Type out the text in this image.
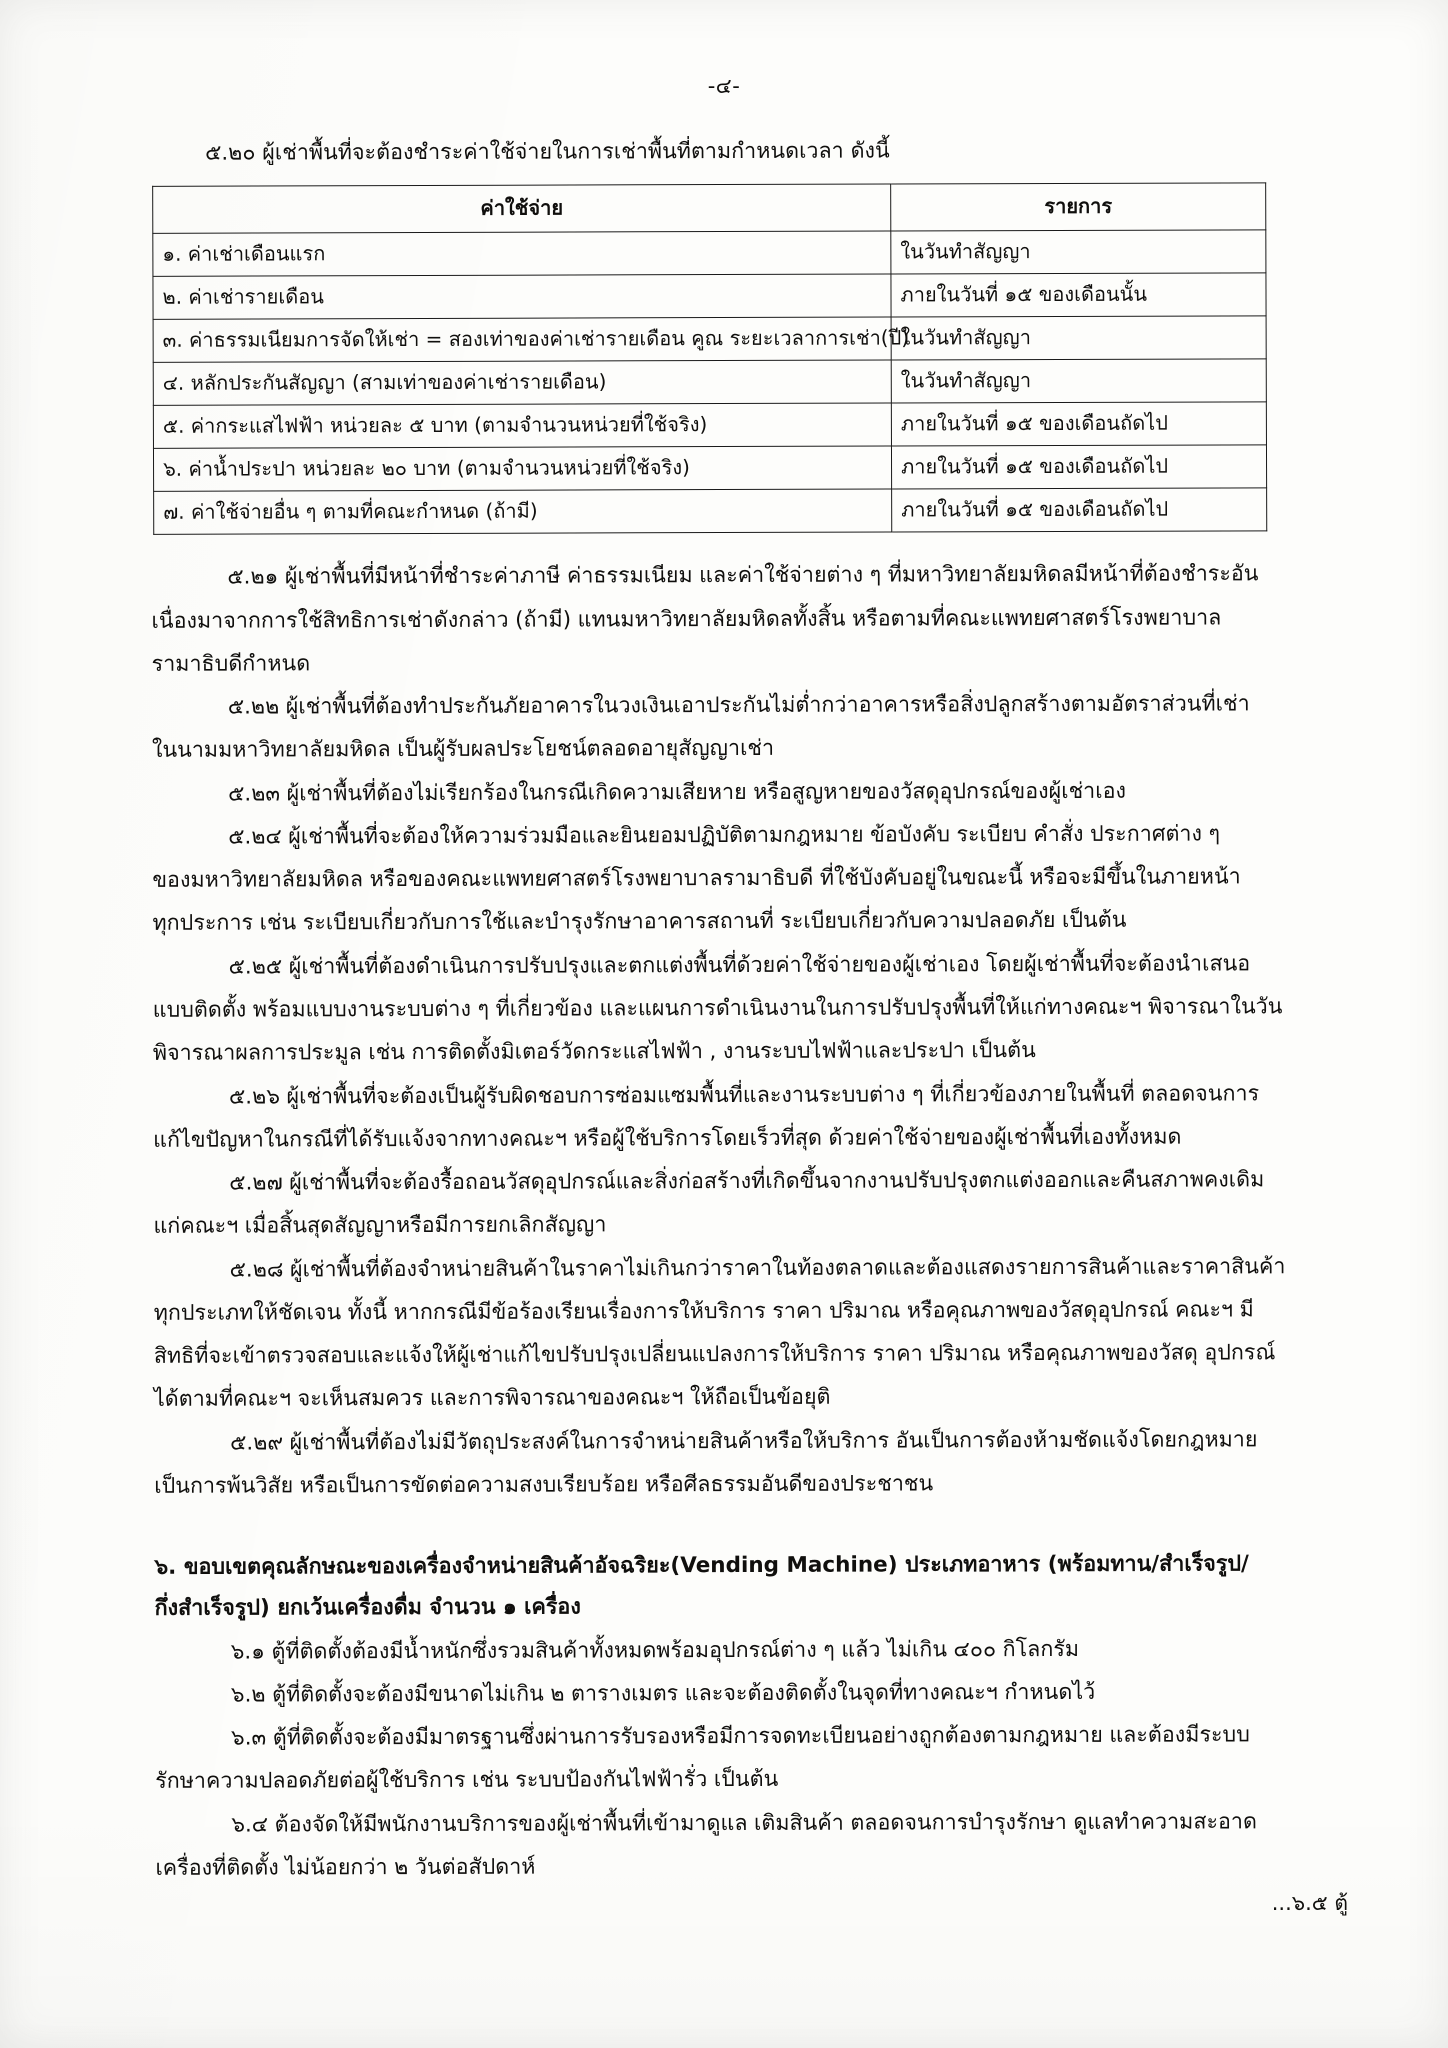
-๔-

๕.๒๐ ผู้เช่าพื้นที่จะต้องชำระค่าใช้จ่ายในการเช่าพื้นที่ตามกำหนดเวลา ดังนี้

ค่าใช้จ่าย	รายการ
๑. ค่าเช่าเดือนแรก	ในวันทำสัญญา
๒. ค่าเช่ารายเดือน	ภายในวันที่ ๑๕ ของเดือนนั้น
๓. ค่าธรรมเนียมการจัดให้เช่า = สองเท่าของค่าเช่ารายเดือน คูณ ระยะเวลาการเช่า(ปี)	ในวันทำสัญญา
๔. หลักประกันสัญญา (สามเท่าของค่าเช่ารายเดือน)	ในวันทำสัญญา
๕. ค่ากระแสไฟฟ้า หน่วยละ ๕ บาท (ตามจำนวนหน่วยที่ใช้จริง)	ภายในวันที่ ๑๕ ของเดือนถัดไป
๖. ค่าน้ำประปา หน่วยละ ๒๐ บาท (ตามจำนวนหน่วยที่ใช้จริง)	ภายในวันที่ ๑๕ ของเดือนถัดไป
๗. ค่าใช้จ่ายอื่น ๆ ตามที่คณะกำหนด (ถ้ามี)	ภายในวันที่ ๑๕ ของเดือนถัดไป

๕.๒๑ ผู้เช่าพื้นที่มีหน้าที่ชำระค่าภาษี ค่าธรรมเนียม และค่าใช้จ่ายต่าง ๆ ที่มหาวิทยาลัยมหิดลมีหน้าที่ต้องชำระอัน

เนื่องมาจากการใช้สิทธิการเช่าดังกล่าว (ถ้ามี) แทนมหาวิทยาลัยมหิดลทั้งสิ้น หรือตามที่คณะแพทยศาสตร์โรงพยาบาล

รามาธิบดีกำหนด

๕.๒๒ ผู้เช่าพื้นที่ต้องทำประกันภัยอาคารในวงเงินเอาประกันไม่ต่ำกว่าอาคารหรือสิ่งปลูกสร้างตามอัตราส่วนที่เช่า

ในนามมหาวิทยาลัยมหิดล เป็นผู้รับผลประโยชน์ตลอดอายุสัญญาเช่า

๕.๒๓ ผู้เช่าพื้นที่ต้องไม่เรียกร้องในกรณีเกิดความเสียหาย หรือสูญหายของวัสดุอุปกรณ์ของผู้เช่าเอง

๕.๒๔ ผู้เช่าพื้นที่จะต้องให้ความร่วมมือและยินยอมปฏิบัติตามกฎหมาย ข้อบังคับ ระเบียบ คำสั่ง ประกาศต่าง ๆ

ของมหาวิทยาลัยมหิดล หรือของคณะแพทยศาสตร์โรงพยาบาลรามาธิบดี ที่ใช้บังคับอยู่ในขณะนี้ หรือจะมีขึ้นในภายหน้า

ทุกประการ เช่น ระเบียบเกี่ยวกับการใช้และบำรุงรักษาอาคารสถานที่ ระเบียบเกี่ยวกับความปลอดภัย เป็นต้น

๕.๒๕ ผู้เช่าพื้นที่ต้องดำเนินการปรับปรุงและตกแต่งพื้นที่ด้วยค่าใช้จ่ายของผู้เช่าเอง โดยผู้เช่าพื้นที่จะต้องนำเสนอ

แบบติดตั้ง พร้อมแบบงานระบบต่าง ๆ ที่เกี่ยวข้อง และแผนการดำเนินงานในการปรับปรุงพื้นที่ให้แก่ทางคณะฯ พิจารณาในวัน

พิจารณาผลการประมูล เช่น การติดตั้งมิเตอร์วัดกระแสไฟฟ้า , งานระบบไฟฟ้าและประปา เป็นต้น

๕.๒๖ ผู้เช่าพื้นที่จะต้องเป็นผู้รับผิดชอบการซ่อมแซมพื้นที่และงานระบบต่าง ๆ ที่เกี่ยวข้องภายในพื้นที่ ตลอดจนการ

แก้ไขปัญหาในกรณีที่ได้รับแจ้งจากทางคณะฯ หรือผู้ใช้บริการโดยเร็วที่สุด ด้วยค่าใช้จ่ายของผู้เช่าพื้นที่เองทั้งหมด

๕.๒๗ ผู้เช่าพื้นที่จะต้องรื้อถอนวัสดุอุปกรณ์และสิ่งก่อสร้างที่เกิดขึ้นจากงานปรับปรุงตกแต่งออกและคืนสภาพคงเดิม

แก่คณะฯ เมื่อสิ้นสุดสัญญาหรือมีการยกเลิกสัญญา

๕.๒๘ ผู้เช่าพื้นที่ต้องจำหน่ายสินค้าในราคาไม่เกินกว่าราคาในท้องตลาดและต้องแสดงรายการสินค้าและราคาสินค้า

ทุกประเภทให้ชัดเจน ทั้งนี้ หากกรณีมีข้อร้องเรียนเรื่องการให้บริการ ราคา ปริมาณ หรือคุณภาพของวัสดุอุปกรณ์ คณะฯ มี

สิทธิที่จะเข้าตรวจสอบและแจ้งให้ผู้เช่าแก้ไขปรับปรุงเปลี่ยนแปลงการให้บริการ ราคา ปริมาณ หรือคุณภาพของวัสดุ อุปกรณ์

ได้ตามที่คณะฯ จะเห็นสมควร และการพิจารณาของคณะฯ ให้ถือเป็นข้อยุติ

๕.๒๙ ผู้เช่าพื้นที่ต้องไม่มีวัตถุประสงค์ในการจำหน่ายสินค้าหรือให้บริการ อันเป็นการต้องห้ามชัดแจ้งโดยกฎหมาย

เป็นการพ้นวิสัย หรือเป็นการขัดต่อความสงบเรียบร้อย หรือศีลธรรมอันดีของประชาชน

๖. ขอบเขตคุณลักษณะของเครื่องจำหน่ายสินค้าอัจฉริยะ(Vending Machine) ประเภทอาหาร (พร้อมทาน/สำเร็จรูป/
กึ่งสำเร็จรูป) ยกเว้นเครื่องดื่ม จำนวน ๑ เครื่อง

๖.๑ ตู้ที่ติดตั้งต้องมีน้ำหนักซึ่งรวมสินค้าทั้งหมดพร้อมอุปกรณ์ต่าง ๆ แล้ว ไม่เกิน ๔๐๐ กิโลกรัม

๖.๒ ตู้ที่ติดตั้งจะต้องมีขนาดไม่เกิน ๒ ตารางเมตร และจะต้องติดตั้งในจุดที่ทางคณะฯ กำหนดไว้

๖.๓ ตู้ที่ติดตั้งจะต้องมีมาตรฐานซึ่งผ่านการรับรองหรือมีการจดทะเบียนอย่างถูกต้องตามกฎหมาย และต้องมีระบบ

รักษาความปลอดภัยต่อผู้ใช้บริการ เช่น ระบบป้องกันไฟฟ้ารั่ว เป็นต้น

๖.๔ ต้องจัดให้มีพนักงานบริการของผู้เช่าพื้นที่เข้ามาดูแล เติมสินค้า ตลอดจนการบำรุงรักษา ดูแลทำความสะอาด

เครื่องที่ติดตั้ง ไม่น้อยกว่า ๒ วันต่อสัปดาห์

...๖.๕ ตู้
